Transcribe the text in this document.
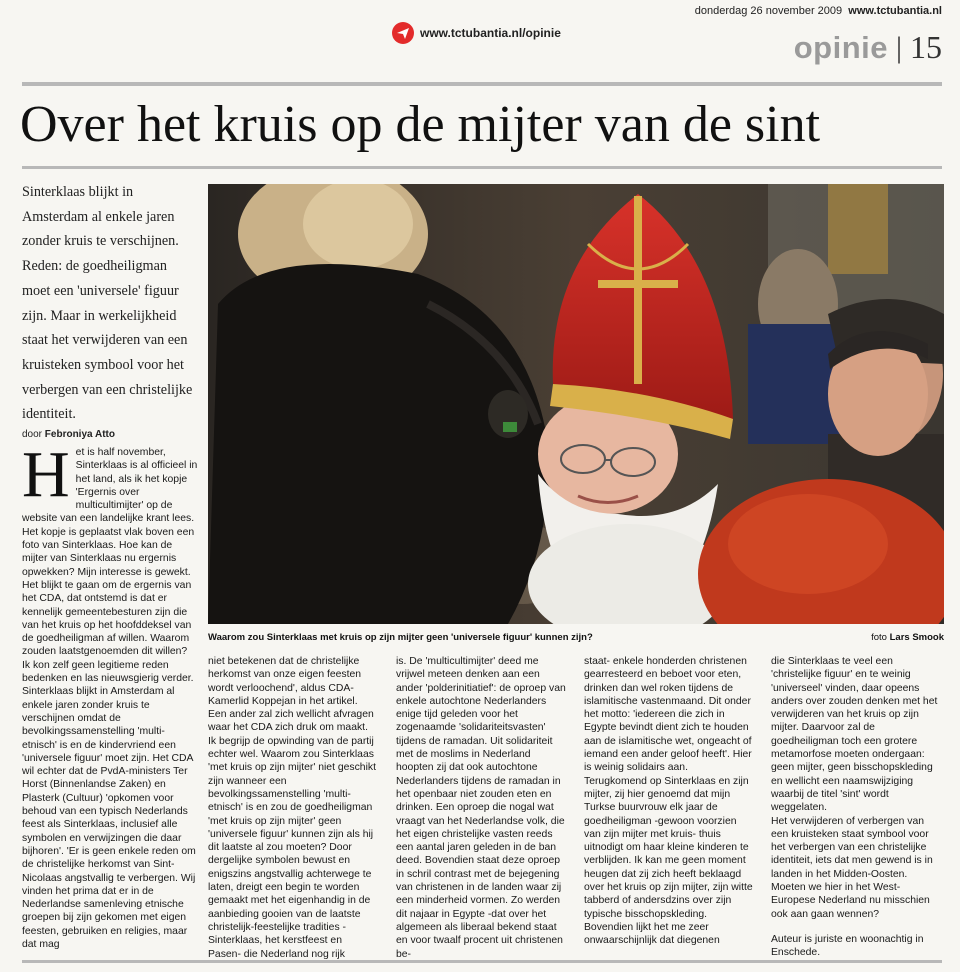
www.tctubantia.nl/opinie
donderdag 26 november 2009 www.tctubantia.nl
opinie | 15
Over het kruis op de mijter van de sint
Sinterklaas blijkt in Amsterdam al enkele jaren zonder kruis te verschijnen. Reden: de goedheiligman moet een 'universele' figuur zijn. Maar in werkelijkheid staat het verwijderen van een kruisteken symbool voor het verbergen van een christelijke identiteit.
door Febroniya Atto
Waarom zou Sinterklaas met kruis op zijn mijter geen 'universele figuur' kunnen zijn?	foto Lars Smook
H et is half november, Sinterklaas is al officieel in het land, als ik het kopje 'Ergernis over multicultimijter' op de website van een landelijke krant lees. Het kopje is geplaatst vlak boven een foto van Sinterklaas. Hoe kan de mijter van Sinterklaas nu ergernis opwekken? Mijn interesse is gewekt.

Het blijkt te gaan om de ergernis van het CDA, dat ontstemd is dat er kennelijk gemeentebesturen zijn die van het kruis op het hoofddeksel van de goedheiligman af willen. Waarom zouden laatstgenoemden dit willen? Ik kon zelf geen legitieme reden bedenken en las nieuwsgierig verder. Sinterklaas blijkt in Amsterdam al enkele jaren zonder kruis te verschijnen omdat de bevolkingssamenstelling 'multi-etnisch' is en de kindervriend een 'universele figuur' moet zijn. Het CDA wil echter dat de PvdA-ministers Ter Horst (Binnenlandse Zaken) en Plasterk (Cultuur) 'opkomen voor behoud van een typisch Nederlands feest als Sinterklaas, inclusief alle symbolen en verwijzingen die daar bijhoren'. 'Er is geen enkele reden om de christelijke herkomst van Sint-Nicolaas angstvallig te verbergen. Wij vinden het prima dat er in de Nederlandse samenleving etnische groepen bij zijn gekomen met eigen feesten, gebruiken en religies, maar dat mag

niet betekenen dat de christelijke herkomst van onze eigen feesten wordt verloochend', aldus CDA-Kamerlid Koppejan in het artikel. Een ander zal zich wellicht afvragen waar het CDA zich druk om maakt. Ik begrijp de opwinding van de partij echter wel. Waarom zou Sinterklaas 'met kruis op zijn mijter' niet geschikt zijn wanneer een bevolkingssamenstelling 'multi-etnisch' is en zou de goedheiligman 'met kruis op zijn mijter' geen 'universele figuur' kunnen zijn als hij dit laatste al zou moeten? Door dergelijke symbolen bewust en enigszins angstvallig achterwege te laten, dreigt een begin te worden gemaakt met het eigenhandig in de aanbieding gooien van de laatste christelijk-feestelijke tradities -Sinterklaas, het kerstfeest en Pasen- die Nederland nog rijk

is. De 'multicultimijter' deed me vrijwel meteen denken aan een ander 'polderinitiatief': de oproep van enkele autochtone Nederlanders enige tijd geleden voor het zogenaamde 'solidariteitsvasten' tijdens de ramadan. Uit solidariteit met de moslims in Nederland hoopten zij dat ook autochtone Nederlanders tijdens de ramadan in het openbaar niet zouden eten en drinken. Een oproep die nogal wat vraagt van het Nederlandse volk, die het eigen christelijke vasten reeds een aantal jaren geleden in de ban deed. Bovendien staat deze oproep in schril contrast met de bejegening van christenen in de landen waar zij een minderheid vormen. Zo werden dit najaar in Egypte -dat over het algemeen als liberaal bekend staat en voor twaalf procent uit christenen be-

staat- enkele honderden christenen gearresteerd en beboet voor eten, drinken dan wel roken tijdens de islamitische vastenmaand. Dit onder het motto: 'iedereen die zich in Egypte bevindt dient zich te houden aan de islamitische wet, ongeacht of iemand een ander geloof heeft'. Hier is weinig solidairs aan.

Terugkomend op Sinterklaas en zijn mijter, zij hier genoemd dat mijn Turkse buurvrouw elk jaar de goedheiligman -gewoon voorzien van zijn mijter met kruis- thuis uitnodigt om haar kleine kinderen te verblijden. Ik kan me geen moment heugen dat zij zich heeft beklaagd over het kruis op zijn mijter, zijn witte tabberd of andersdzins over zijn typische bisschopskleding. Bovendien lijkt het me zeer onwaarschijnlijk dat diegenen

die Sinterklaas te veel een 'christelijke figuur' en te weinig 'universeel' vinden, daar opeens anders over zouden denken met het verwijderen van het kruis op zijn mijter. Daarvoor zal de goedheiligman toch een grotere metamorfose moeten ondergaan: geen mijter, geen bisschopskleding en wellicht een naamswijziging waarbij de titel 'sint' wordt weggelaten.

Het verwijderen of verbergen van een kruisteken staat symbool voor het verbergen van een christelijke identiteit, iets dat men gewend is in landen in het Midden-Oosten. Moeten we hier in het West-Europese Nederland nu misschien ook aan gaan wennen?

Auteur is juriste en woonachtig in Enschede.
